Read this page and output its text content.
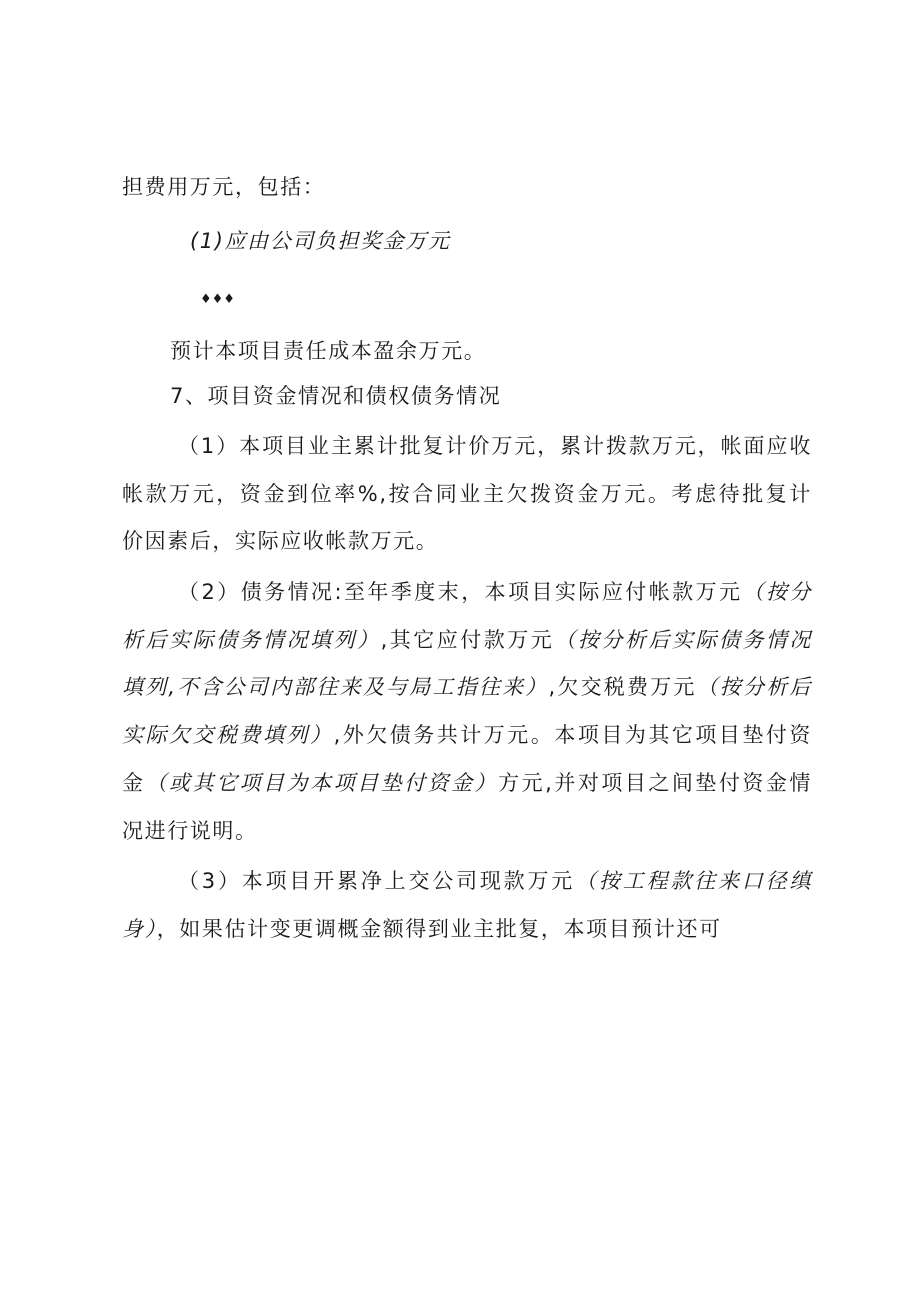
担费用万元，包括：
(1)应由公司负担奖金万元
♦♦♦
预计本项目责任成本盈余万元。
7、项目资金情况和债权债务情况
（1）本项目业主累计批复计价万元，累计拨款万元，帐面应收
帐款万元，资金到位率%,按合同业主欠拨资金万元。考虑待批复计
价因素后，实际应收帐款万元。
（2）债务情况:至年季度末，本项目实际应付帐款万元（按分
析后实际债务情况填列）,其它应付款万元（按分析后实际债务情况
填列,不含公司内部往来及与局工指往来）,欠交税费万元（按分析后
实际欠交税费填列）,外欠债务共计万元。本项目为其它项目垫付资
金（或其它项目为本项目垫付资金）方元,并对项目之间垫付资金情
况进行说明。
（3）本项目开累净上交公司现款万元（按工程款往来口径缜
身），如果估计变更调概金额得到业主批复，本项目预计还可
